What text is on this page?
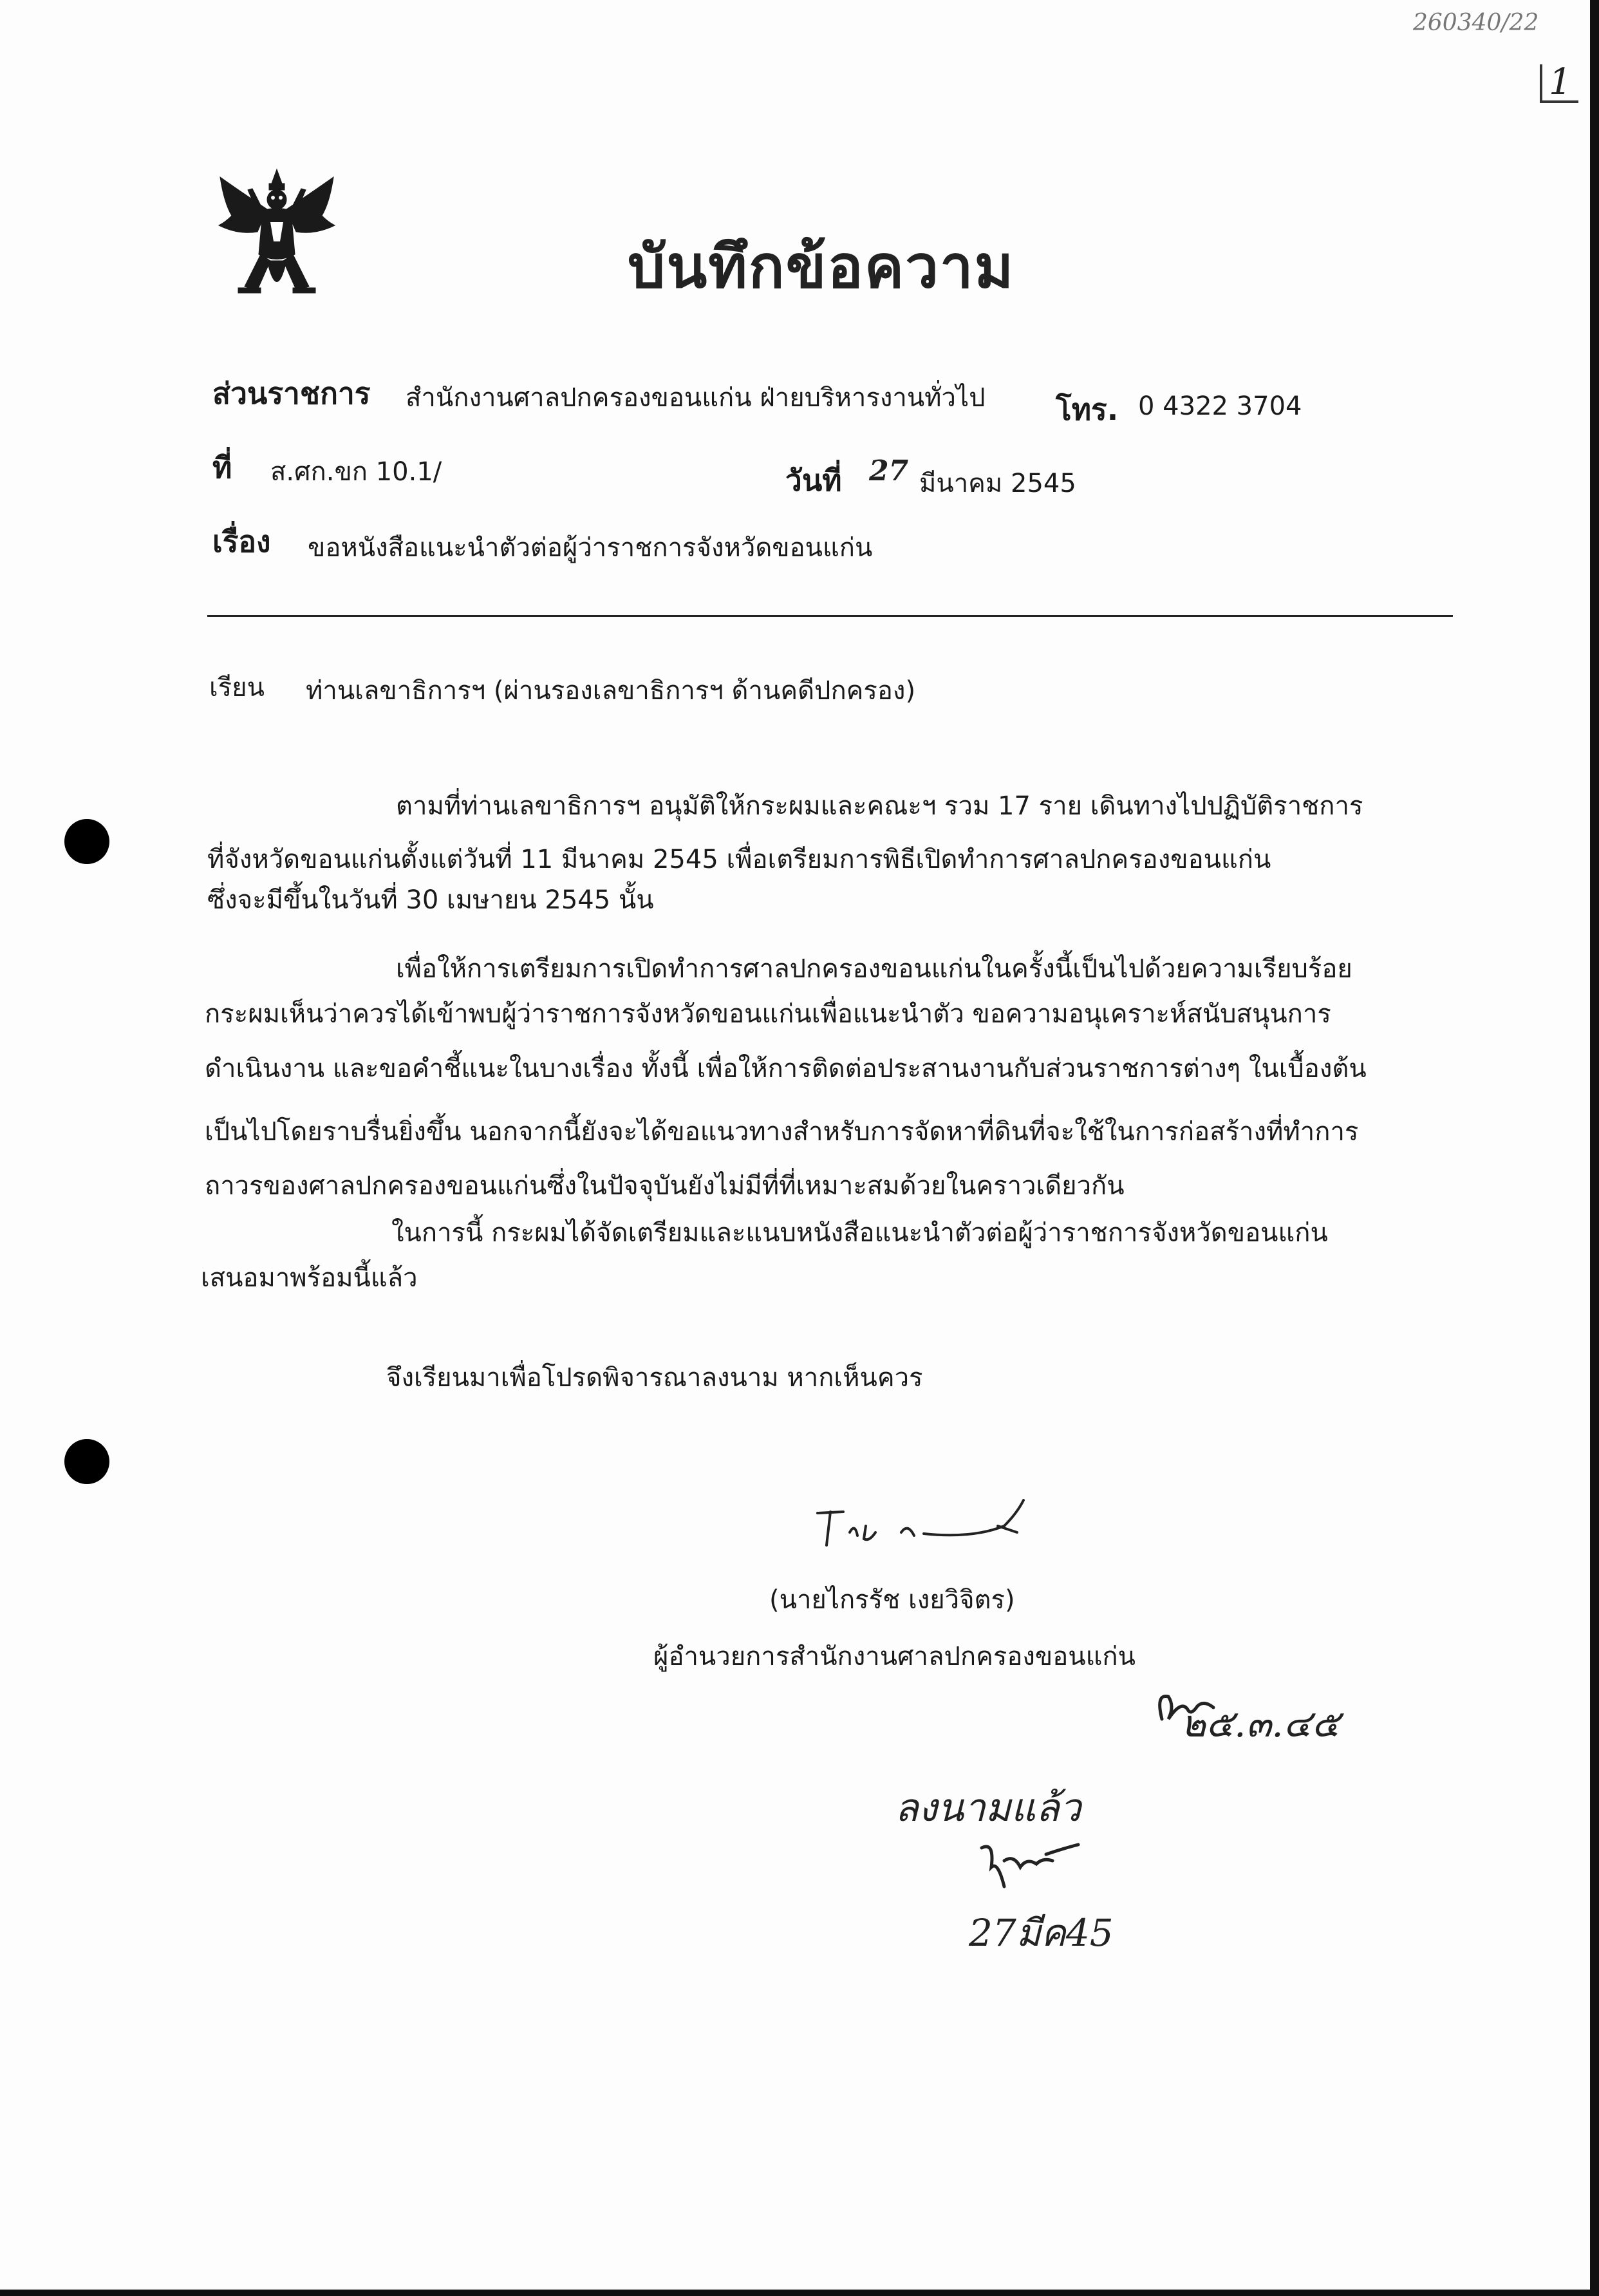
260340/22
1
บันทึกข้อความ
ส่วนราชการ สำนักงานศาลปกครองขอนแก่น ฝ่ายบริหารงานทั่วไป โทร. 0 4322 3704
ที่ ส.ศก.ขก 10.1/	วันที่ 27 มีนาคม 2545
เรื่อง ขอหนังสือแนะนำตัวต่อผู้ว่าราชการจังหวัดขอนแก่น
เรียน ท่านเลขาธิการฯ (ผ่านรองเลขาธิการฯ ด้านคดีปกครอง)
ตามที่ท่านเลขาธิการฯ อนุมัติให้กระผมและคณะฯ รวม 17 ราย เดินทางไปปฏิบัติราชการ
ที่จังหวัดขอนแก่นตั้งแต่วันที่ 11 มีนาคม 2545 เพื่อเตรียมการพิธีเปิดทำการศาลปกครองขอนแก่น
ซึ่งจะมีขึ้นในวันที่ 30 เมษายน 2545 นั้น
เพื่อให้การเตรียมการเปิดทำการศาลปกครองขอนแก่นในครั้งนี้เป็นไปด้วยความเรียบร้อย
กระผมเห็นว่าควรได้เข้าพบผู้ว่าราชการจังหวัดขอนแก่นเพื่อแนะนำตัว ขอความอนุเคราะห์สนับสนุนการ
ดำเนินงาน และขอคำชี้แนะในบางเรื่อง ทั้งนี้ เพื่อให้การติดต่อประสานงานกับส่วนราชการต่างๆ ในเบื้องต้น
เป็นไปโดยราบรื่นยิ่งขึ้น นอกจากนี้ยังจะได้ขอแนวทางสำหรับการจัดหาที่ดินที่จะใช้ในการก่อสร้างที่ทำการ
ถาวรของศาลปกครองขอนแก่นซึ่งในปัจจุบันยังไม่มีที่ที่เหมาะสมด้วยในคราวเดียวกัน
ในการนี้ กระผมได้จัดเตรียมและแนบหนังสือแนะนำตัวต่อผู้ว่าราชการจังหวัดขอนแก่น
เสนอมาพร้อมนี้แล้ว
จึงเรียนมาเพื่อโปรดพิจารณาลงนาม หากเห็นควร
(นายไกรรัช เงยวิจิตร)
ผู้อำนวยการสำนักงานศาลปกครองขอนแก่น
๒๕.๓.๔๕
ลงนามแล้ว
27มีค45
